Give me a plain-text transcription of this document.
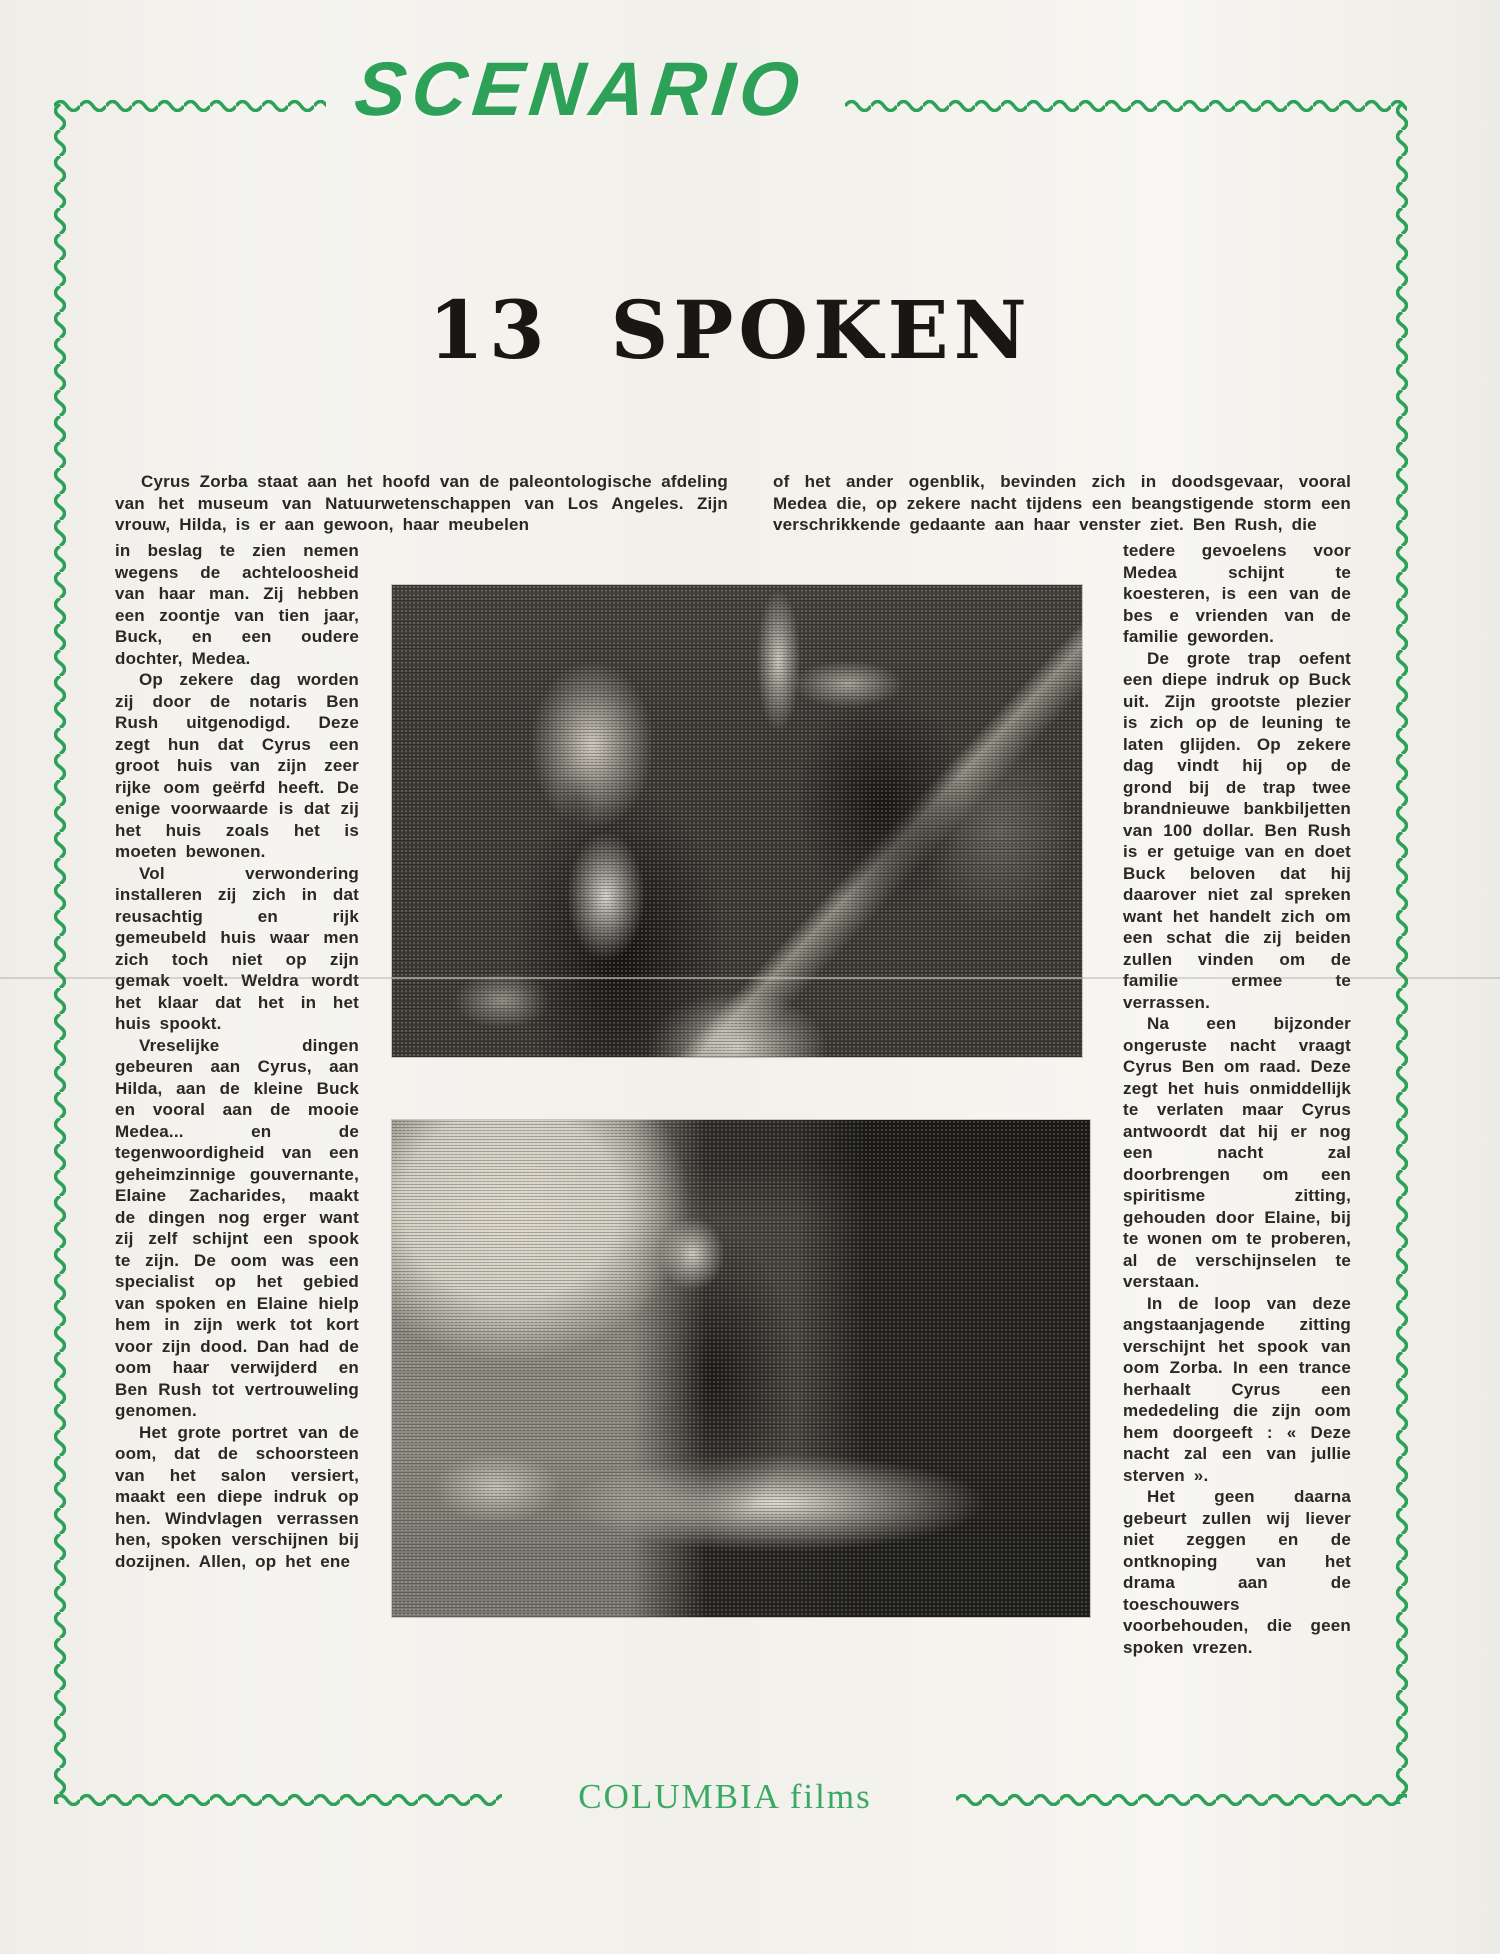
SCENARIO
13 SPOKEN

Cyrus Zorba staat aan het hoofd van de paleontologische afdeling van het museum van Natuurwetenschappen van Los Angeles. Zijn vrouw, Hilda, is er aan gewoon, haar meubelen

of het ander ogenblik, bevinden zich in doodsgevaar, vooral Medea die, op zekere nacht tijdens een beangstigende storm een verschrikkende gedaante aan haar venster ziet. Ben Rush, die

in beslag te zien nemen wegens de achteloosheid van haar man. Zij hebben een zoontje van tien jaar, Buck, en een oudere dochter, Medea.

Op zekere dag worden zij door de notaris Ben Rush uitgenodigd. Deze zegt hun dat Cyrus een groot huis van zijn zeer rijke oom geërfd heeft. De enige voorwaarde is dat zij het huis zoals het is moeten bewonen.

Vol verwondering installeren zij zich in dat reusachtig en rijk gemeubeld huis waar men zich toch niet op zijn gemak voelt. Weldra wordt het klaar dat het in het huis spookt.

Vreselijke dingen gebeuren aan Cyrus, aan Hilda, aan de kleine Buck en vooral aan de mooie Medea... en de tegenwoordigheid van een geheimzinnige gouvernante, Elaine Zacharides, maakt de dingen nog erger want zij zelf schijnt een spook te zijn. De oom was een specialist op het gebied van spoken en Elaine hielp hem in zijn werk tot kort voor zijn dood. Dan had de oom haar verwijderd en Ben Rush tot vertrouweling genomen.

Het grote portret van de oom, dat de schoorsteen van het salon versiert, maakt een diepe indruk op hen. Windvlagen verrassen hen, spoken verschijnen bij dozijnen. Allen, op het ene

tedere gevoelens voor Medea schijnt te koesteren, is een van de bes e vrienden van de familie geworden.

De grote trap oefent een diepe indruk op Buck uit. Zijn grootste plezier is zich op de leuning te laten glijden. Op zekere dag vindt hij op de grond bij de trap twee brandnieuwe bankbiljetten van 100 dollar. Ben Rush is er getuige van en doet Buck beloven dat hij daarover niet zal spreken want het handelt zich om een schat die zij beiden zullen vinden om de familie ermee te verrassen.

Na een bijzonder ongeruste nacht vraagt Cyrus Ben om raad. Deze zegt het huis onmiddellijk te verlaten maar Cyrus antwoordt dat hij er nog een nacht zal doorbrengen om een spiritisme zitting, gehouden door Elaine, bij te wonen om te proberen, al de verschijnselen te verstaan.

In de loop van deze angstaanjagende zitting verschijnt het spook van oom Zorba. In een trance herhaalt Cyrus een mededeling die zijn oom hem doorgeeft : « Deze nacht zal een van jullie sterven ».

Het geen daarna gebeurt zullen wij liever niet zeggen en de ontknoping van het drama aan de toeschouwers voorbehouden, die geen spoken vrezen.

COLUMBIA films
